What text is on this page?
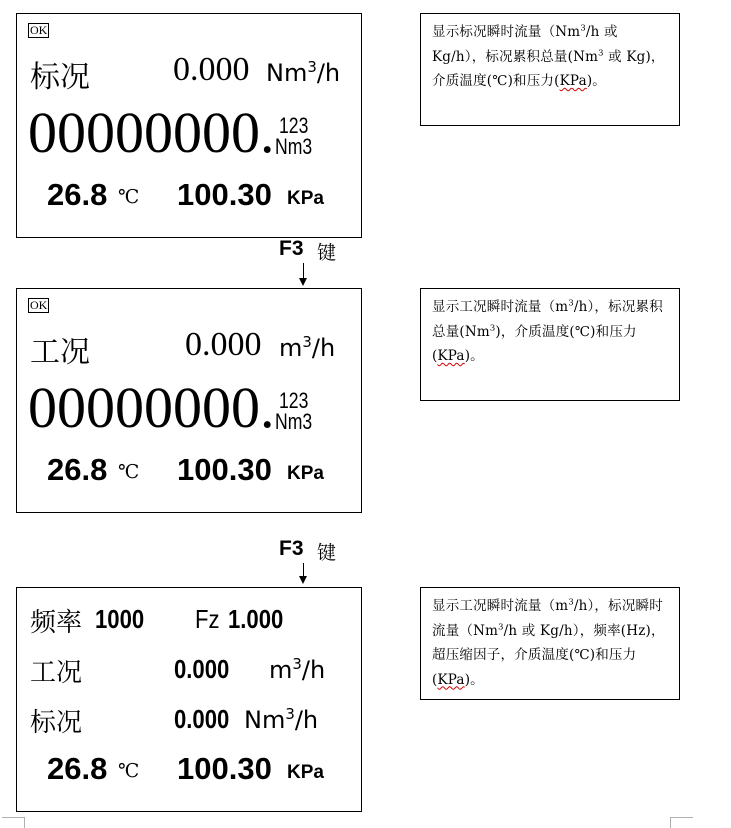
OK
标况 0.000 Nm$^3$/h
00000000 . 123
Nm3
26.8 ℃ 100.30 KPa
显示标况瞬时流量（Nm$^3$/h 或 Kg/h），标况累积总量(Nm$^3$ 或 Kg)，介质温度(℃)和压力(KPa)。
F3 键
OK
工况	0.000 $m^3/h$
00000000 . 123
Nm3
26.8 ℃ 100.30 KPa
显示工况瞬时流量$(m^3/h)$，标况累积总量(Nm$^3$)，介质温度(℃)和压力(KPa)。
F3 键
频率 1000 Fz 1.000
工况	0.000 $m^3/h$
标况	0.000 Nm$^3$/h
26.8 ℃ 100.30 KPa
显示工况瞬时流量$(m^3/h)$，标况瞬时流量（Nm$^3$/h 或 Kg/h），频率(Hz)，超压缩因子，介质温度(℃)和压力(KPa)。
